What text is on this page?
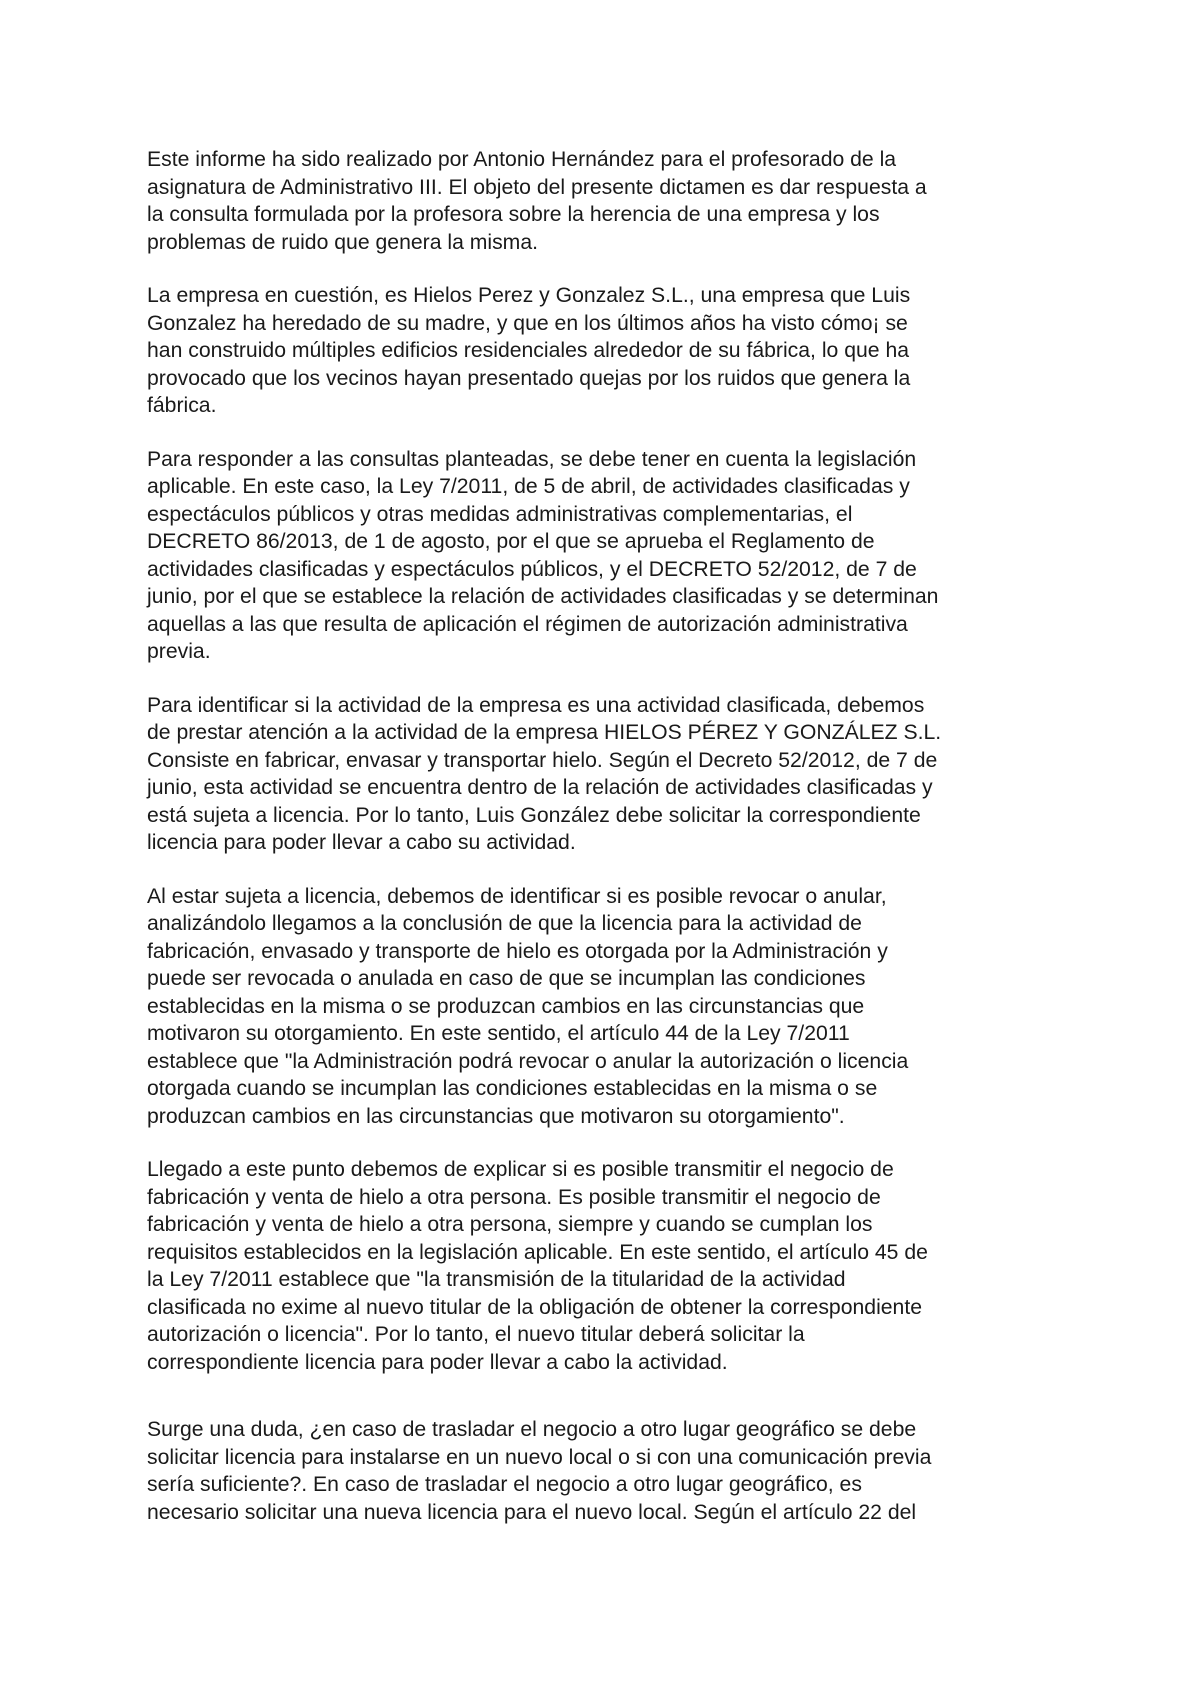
Este informe ha sido realizado por Antonio Hernández para el profesorado de la
asignatura de Administrativo III. El objeto del presente dictamen es dar respuesta a
la consulta formulada por la profesora sobre la herencia de una empresa y los
problemas de ruido que genera la misma.

La empresa en cuestión, es Hielos Perez y Gonzalez S.L., una empresa que Luis
Gonzalez ha heredado de su madre, y que en los últimos años ha visto cómo¡ se
han construido múltiples edificios residenciales alrededor de su fábrica, lo que ha
provocado que los vecinos hayan presentado quejas por los ruidos que genera la
fábrica.

Para responder a las consultas planteadas, se debe tener en cuenta la legislación
aplicable. En este caso, la Ley 7/2011, de 5 de abril, de actividades clasificadas y
espectáculos públicos y otras medidas administrativas complementarias, el
DECRETO 86/2013, de 1 de agosto, por el que se aprueba el Reglamento de
actividades clasificadas y espectáculos públicos, y el DECRETO 52/2012, de 7 de
junio, por el que se establece la relación de actividades clasificadas y se determinan
aquellas a las que resulta de aplicación el régimen de autorización administrativa
previa.

Para identificar si la actividad de la empresa es una actividad clasificada, debemos
de prestar atención a la actividad de la empresa HIELOS PÉREZ Y GONZÁLEZ S.L.
Consiste en fabricar, envasar y transportar hielo. Según el Decreto 52/2012, de 7 de
junio, esta actividad se encuentra dentro de la relación de actividades clasificadas y
está sujeta a licencia. Por lo tanto, Luis González debe solicitar la correspondiente
licencia para poder llevar a cabo su actividad.

Al estar sujeta a licencia, debemos de identificar si es posible revocar o anular,
analizándolo llegamos a la conclusión de que la licencia para la actividad de
fabricación, envasado y transporte de hielo es otorgada por la Administración y
puede ser revocada o anulada en caso de que se incumplan las condiciones
establecidas en la misma o se produzcan cambios en las circunstancias que
motivaron su otorgamiento. En este sentido, el artículo 44 de la Ley 7/2011
establece que "la Administración podrá revocar o anular la autorización o licencia
otorgada cuando se incumplan las condiciones establecidas en la misma o se
produzcan cambios en las circunstancias que motivaron su otorgamiento".

Llegado a este punto debemos de explicar si es posible transmitir el negocio de
fabricación y venta de hielo a otra persona. Es posible transmitir el negocio de
fabricación y venta de hielo a otra persona, siempre y cuando se cumplan los
requisitos establecidos en la legislación aplicable. En este sentido, el artículo 45 de
la Ley 7/2011 establece que "la transmisión de la titularidad de la actividad
clasificada no exime al nuevo titular de la obligación de obtener la correspondiente
autorización o licencia". Por lo tanto, el nuevo titular deberá solicitar la
correspondiente licencia para poder llevar a cabo la actividad.

Surge una duda, ¿en caso de trasladar el negocio a otro lugar geográfico se debe
solicitar licencia para instalarse en un nuevo local o si con una comunicación previa
sería suficiente?. En caso de trasladar el negocio a otro lugar geográfico, es
necesario solicitar una nueva licencia para el nuevo local. Según el artículo 22 del
